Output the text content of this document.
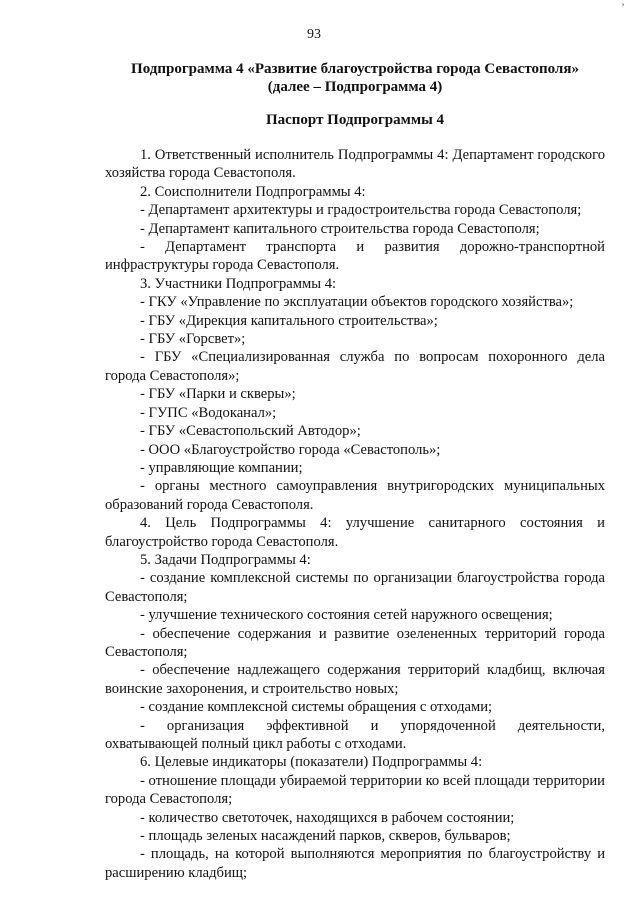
’
93
Подпрограмма 4 «Развитие благоустройства города Севастополя»
(далее – Подпрограмма 4)
Паспорт Подпрограммы 4

1. Ответственный исполнитель Подпрограммы 4: Департамент городского хозяйства города Севастополя.

2. Соисполнители Подпрограммы 4:

- Департамент архитектуры и градостроительства города Севастополя;

- Департамент капитального строительства города Севастополя;

- Департамент транспорта и развития дорожно-транспортной инфраструктуры города Севастополя.

3. Участники Подпрограммы 4:

- ГКУ «Управление по эксплуатации объектов городского хозяйства»;

- ГБУ «Дирекция капитального строительства»;

- ГБУ «Горсвет»;

- ГБУ «Специализированная служба по вопросам похоронного дела города Севастополя»;

- ГБУ «Парки и скверы»;

- ГУПС «Водоканал»;

- ГБУ «Севастопольский Автодор»;

- ООО «Благоустройство города «Севастополь»;

- управляющие компании;

- органы местного самоуправления внутригородских муниципальных образований города Севастополя.

4. Цель Подпрограммы 4: улучшение санитарного состояния и благоустройство города Севастополя.

5. Задачи Подпрограммы 4:

- создание комплексной системы по организации благоустройства города Севастополя;

- улучшение технического состояния сетей наружного освещения;

- обеспечение содержания и развитие озелененных территорий города Севастополя;

- обеспечение надлежащего содержания территорий кладбищ, включая воинские захоронения, и строительство новых;

- создание комплексной системы обращения с отходами;

- организация эффективной и упорядоченной деятельности, охватывающей полный цикл работы с отходами.

6. Целевые индикаторы (показатели) Подпрограммы 4:

- отношение площади убираемой территории ко всей площади территории города Севастополя;

- количество светоточек, находящихся в рабочем состоянии;

- площадь зеленых насаждений парков, скверов, бульваров;

- площадь, на которой выполняются мероприятия по благоустройству и расширению кладбищ;
